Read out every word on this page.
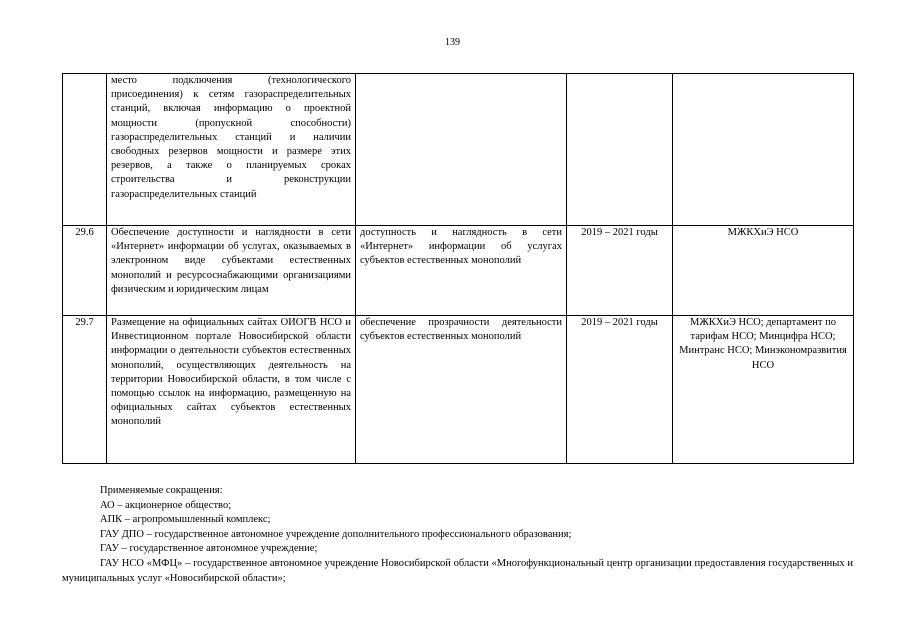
139
	место подключения (технологического присоединения) к сетям газораспределительных станций, включая информацию о проектной мощности (пропускной способности) газораспределительных станций и наличии свободных резервов мощности и размере этих резервов, а также о планируемых сроках строительства и реконструкции газораспределительных станций			
29.6	Обеспечение доступности и наглядности в сети «Интернет» информации об услугах, оказываемых в электронном виде субъектами естественных монополий и ресурсоснабжающими организациями физическим и юридическим лицам	доступность и наглядность в сети «Интернет» информации об услугах субъектов естественных монополий	2019 – 2021 годы	МЖКХиЭ НСО
29.7	Размещение на официальных сайтах ОИОГВ НСО и Инвестиционном портале Новосибирской области информации о деятельности субъектов естественных монополий, осуществляющих деятельность на территории Новосибирской области, в том числе с помощью ссылок на информацию, размещенную на официальных сайтах субъектов естественных монополий	обеспечение прозрачности деятельности субъектов естественных монополий	2019 – 2021 годы	МЖКХиЭ НСО; департамент по тарифам НСО; Минцифра НСО; Минтранс НСО; Минэкономразвития НСО

Применяемые сокращения:

АО – акционерное общество;

АПК – агропромышленный комплекс;

ГАУ ДПО – государственное автономное учреждение дополнительного профессионального образования;

ГАУ – государственное автономное учреждение;

ГАУ НСО «МФЦ» – государственное автономное учреждение Новосибирской области «Многофункциональный центр организации предоставления государственных и муниципальных услуг «Новосибирской области»;
